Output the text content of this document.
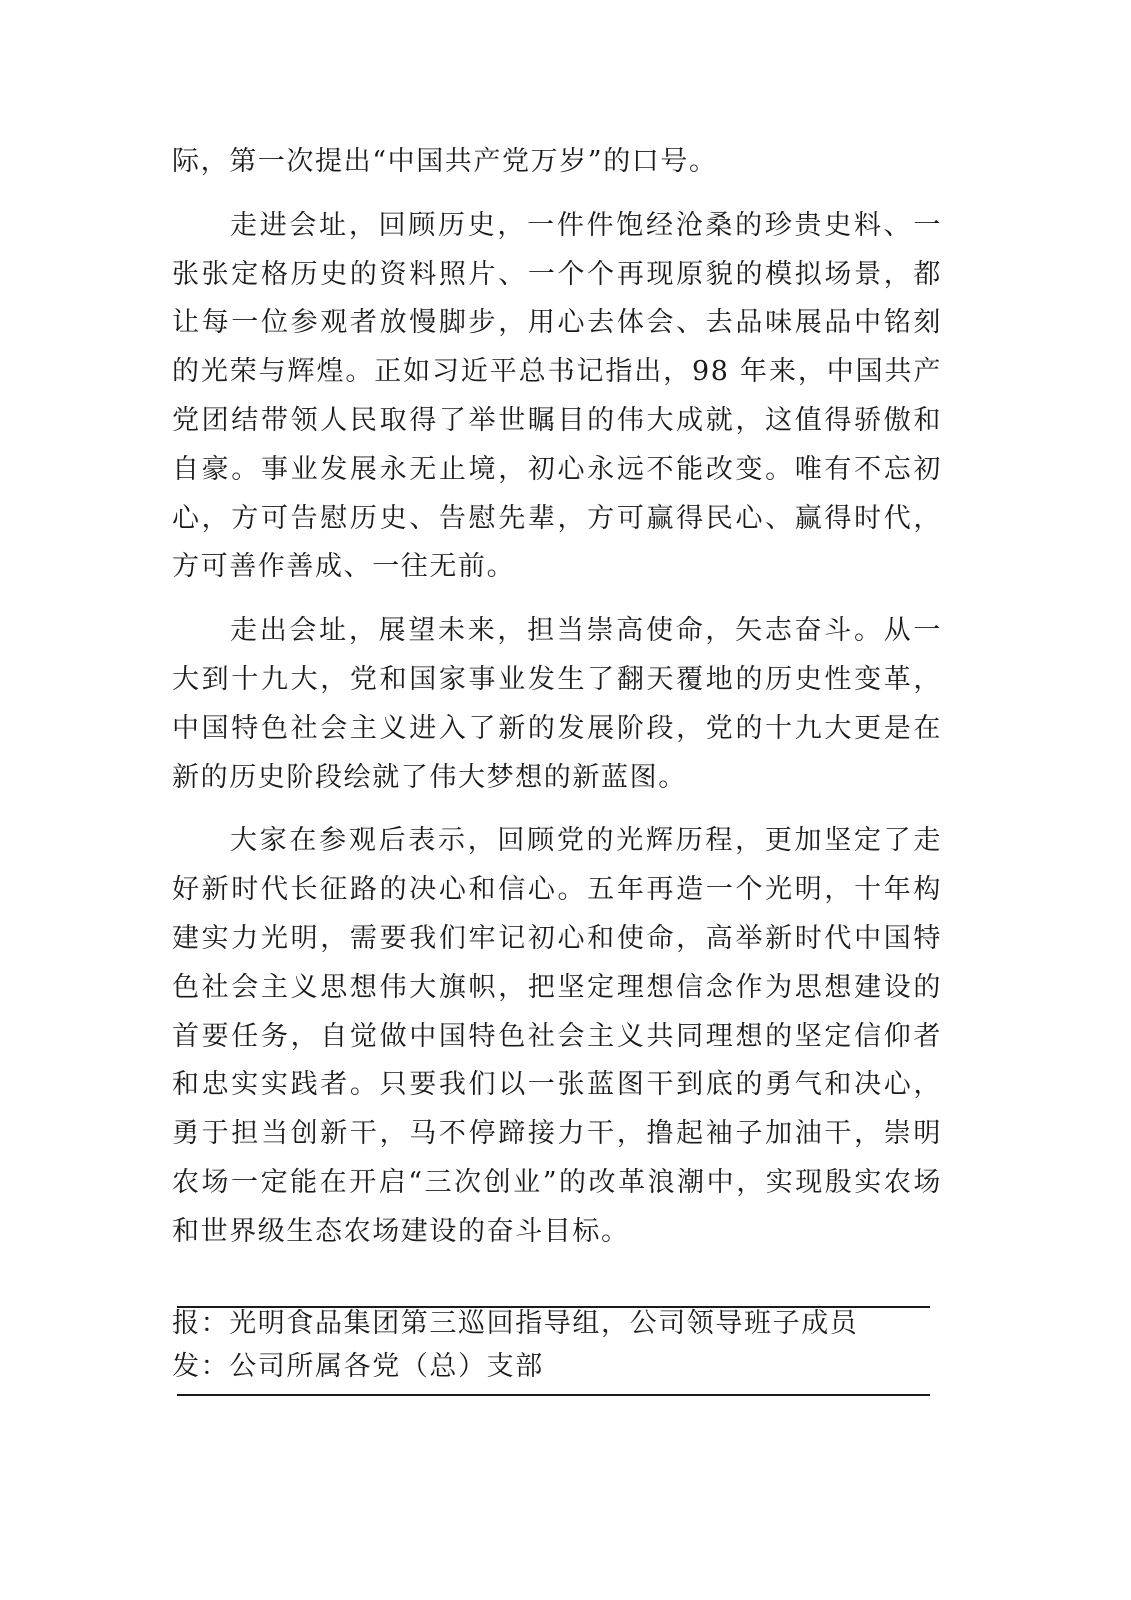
际，第一次提出“中国共产党万岁”的口号。

走进会址，回顾历史，一件件饱经沧桑的珍贵史料、一张张定格历史的资料照片、一个个再现原貌的模拟场景，都让每一位参观者放慢脚步，用心去体会、去品味展品中铭刻的光荣与辉煌。正如习近平总书记指出，98 年来，中国共产党团结带领人民取得了举世瞩目的伟大成就，这值得骄傲和自豪。事业发展永无止境，初心永远不能改变。唯有不忘初心，方可告慰历史、告慰先辈，方可赢得民心、赢得时代，方可善作善成、一往无前。

走出会址，展望未来，担当崇高使命，矢志奋斗。从一大到十九大，党和国家事业发生了翻天覆地的历史性变革，中国特色社会主义进入了新的发展阶段，党的十九大更是在新的历史阶段绘就了伟大梦想的新蓝图。

大家在参观后表示，回顾党的光辉历程，更加坚定了走好新时代长征路的决心和信心。五年再造一个光明，十年构建实力光明，需要我们牢记初心和使命，高举新时代中国特色社会主义思想伟大旗帜，把坚定理想信念作为思想建设的首要任务，自觉做中国特色社会主义共同理想的坚定信仰者和忠实实践者。只要我们以一张蓝图干到底的勇气和决心，勇于担当创新干，马不停蹄接力干，撸起袖子加油干，崇明农场一定能在开启“三次创业”的改革浪潮中，实现殷实农场和世界级生态农场建设的奋斗目标。

报：光明食品集团第三巡回指导组，公司领导班子成员
发：公司所属各党（总）支部
